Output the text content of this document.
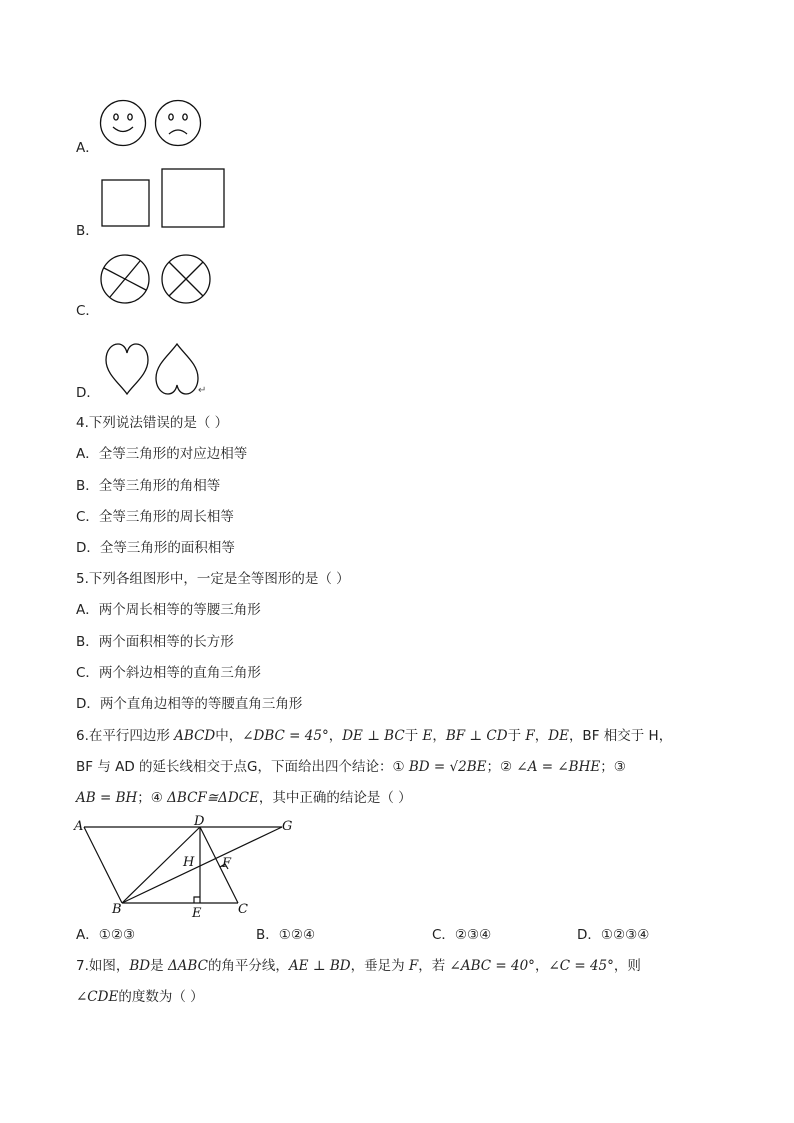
A．
B．
C．
D．	↵
4.下列说法错误的是（ ）
A．全等三角形的对应边相等
B．全等三角形的角相等
C．全等三角形的周长相等
D．全等三角形的面积相等
5.下列各组图形中，一定是全等图形的是（ ）
A．两个周长相等的等腰三角形
B．两个面积相等的长方形
C．两个斜边相等的直角三角形
D．两个直角边相等的等腰直角三角形
6.在平行四边形 ABCD中，∠DBC = 45°，DE ⊥ BC于 E，BF ⊥ CD于 F，DE，BF 相交于 H，
BF 与 AD 的延长线相交于点G，下面给出四个结论：① BD = √2BE；② ∠A = ∠BHE；③
AB = BH；④ ΔBCF≅ΔDCE，其中正确的结论是（ ）
A	D	G
H F
B	E	C
A．①②③	B．①②④	C．②③④	D．①②③④
7.如图，BD是 ΔABC的角平分线，AE ⊥ BD，垂足为 F，若 ∠ABC = 40°，∠C = 45°，则
∠CDE的度数为（ ）
